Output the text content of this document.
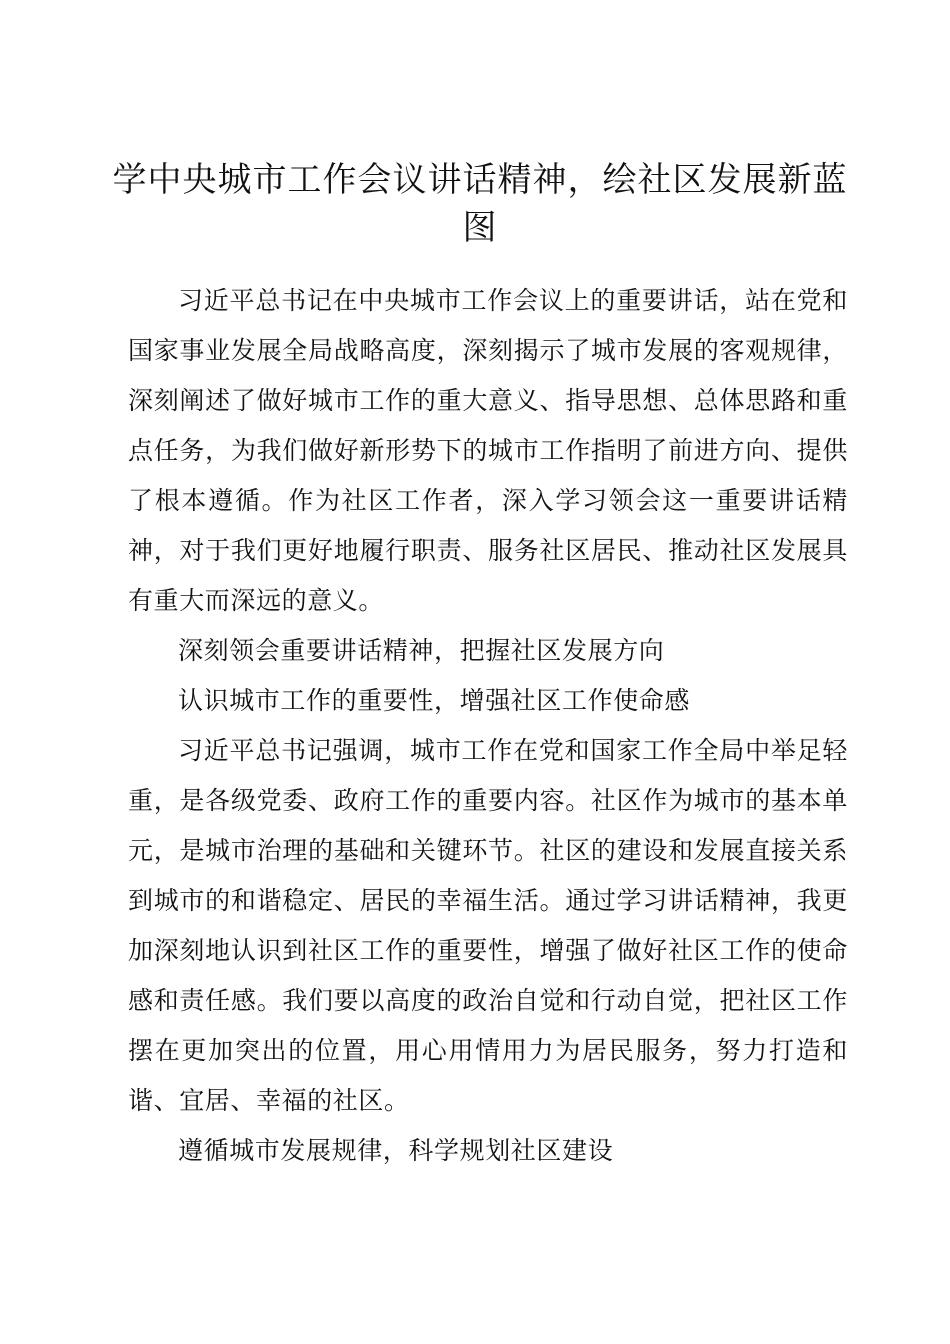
学中央城市工作会议讲话精神，绘社区发展新蓝图

习近平总书记在中央城市工作会议上的重要讲话，站在党和国家事业发展全局战略高度，深刻揭示了城市发展的客观规律，深刻阐述了做好城市工作的重大意义、指导思想、总体思路和重点任务，为我们做好新形势下的城市工作指明了前进方向、提供了根本遵循。作为社区工作者，深入学习领会这一重要讲话精神，对于我们更好地履行职责、服务社区居民、推动社区发展具有重大而深远的意义。

深刻领会重要讲话精神，把握社区发展方向

认识城市工作的重要性，增强社区工作使命感

习近平总书记强调，城市工作在党和国家工作全局中举足轻重，是各级党委、政府工作的重要内容。社区作为城市的基本单元，是城市治理的基础和关键环节。社区的建设和发展直接关系到城市的和谐稳定、居民的幸福生活。通过学习讲话精神，我更加深刻地认识到社区工作的重要性，增强了做好社区工作的使命感和责任感。我们要以高度的政治自觉和行动自觉，把社区工作摆在更加突出的位置，用心用情用力为居民服务，努力打造和谐、宜居、幸福的社区。

遵循城市发展规律，科学规划社区建设
